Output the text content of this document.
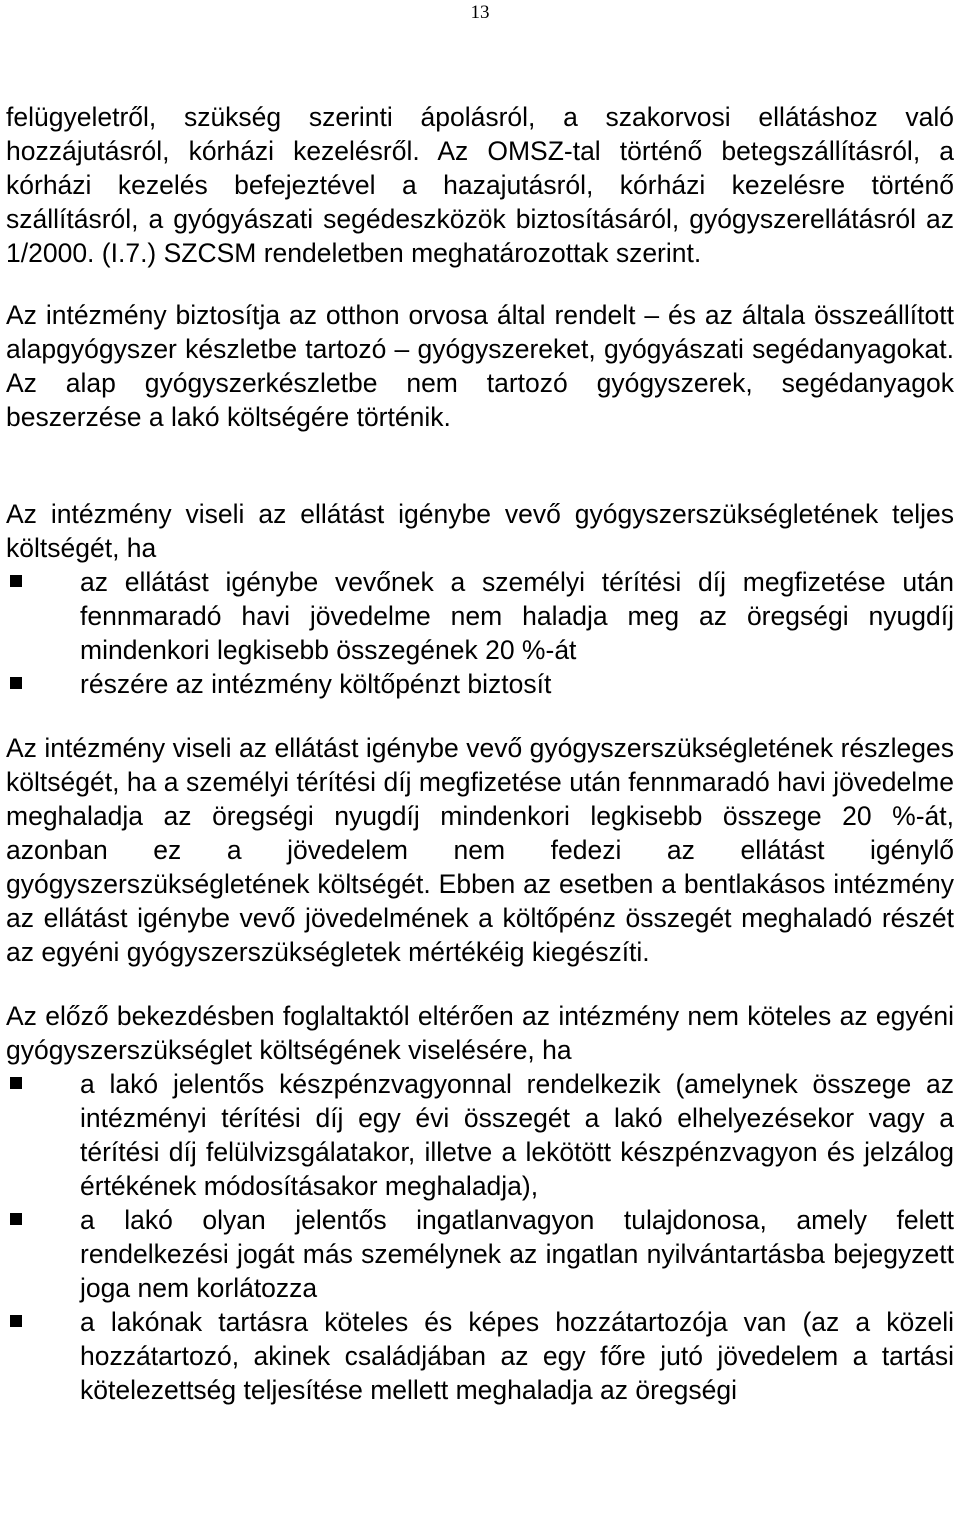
13

felügyeletről, szükség szerinti ápolásról, a szakorvosi ellátáshoz való hozzájutásról, kórházi kezelésről. Az OMSZ-tal történő betegszállításról, a kórházi kezelés befejeztével a hazajutásról, kórházi kezelésre történő szállításról, a gyógyászati segédeszközök biztosításáról, gyógyszerellátásról az 1/2000. (I.7.) SZCSM rendeletben meghatározottak szerint.

Az intézmény biztosítja az otthon orvosa által rendelt – és az általa összeállított alapgyógyszer készletbe tartozó – gyógyszereket, gyógyászati segédanyagokat. Az alap gyógyszerkészletbe nem tartozó gyógyszerek, segédanyagok beszerzése a lakó költségére történik.

Az intézmény viseli az ellátást igénybe vevő gyógyszerszükségletének teljes költségét, ha

az ellátást igénybe vevőnek a személyi térítési díj megfizetése után fennmaradó havi jövedelme nem haladja meg az öregségi nyugdíj mindenkori legkisebb összegének 20 %-át
részére az intézmény költőpénzt biztosít

Az intézmény viseli az ellátást igénybe vevő gyógyszerszükségletének részleges költségét, ha a személyi térítési díj megfizetése után fennmaradó havi jövedelme meghaladja az öregségi nyugdíj mindenkori legkisebb összege 20 %-át, azonban ez a jövedelem nem fedezi az ellátást igénylő gyógyszerszükségletének költségét. Ebben az esetben a bentlakásos intézmény az ellátást igénybe vevő jövedelmének a költőpénz összegét meghaladó részét az egyéni gyógyszerszükségletek mértékéig kiegészíti.

Az előző bekezdésben foglaltaktól eltérően az intézmény nem köteles az egyéni gyógyszerszükséglet költségének viselésére, ha

a lakó jelentős készpénzvagyonnal rendelkezik (amelynek összege az intézményi térítési díj egy évi összegét a lakó elhelyezésekor vagy a térítési díj felülvizsgálatakor, illetve a lekötött készpénzvagyon és jelzálog értékének módosításakor meghaladja),
a lakó olyan jelentős ingatlanvagyon tulajdonosa, amely felett rendelkezési jogát más személynek az ingatlan nyilvántartásba bejegyzett joga nem korlátozza
a lakónak tartásra köteles és képes hozzátartozója van (az a közeli hozzátartozó, akinek családjában az egy főre jutó jövedelem a tartási kötelezettség teljesítése mellett meghaladja az öregségi
